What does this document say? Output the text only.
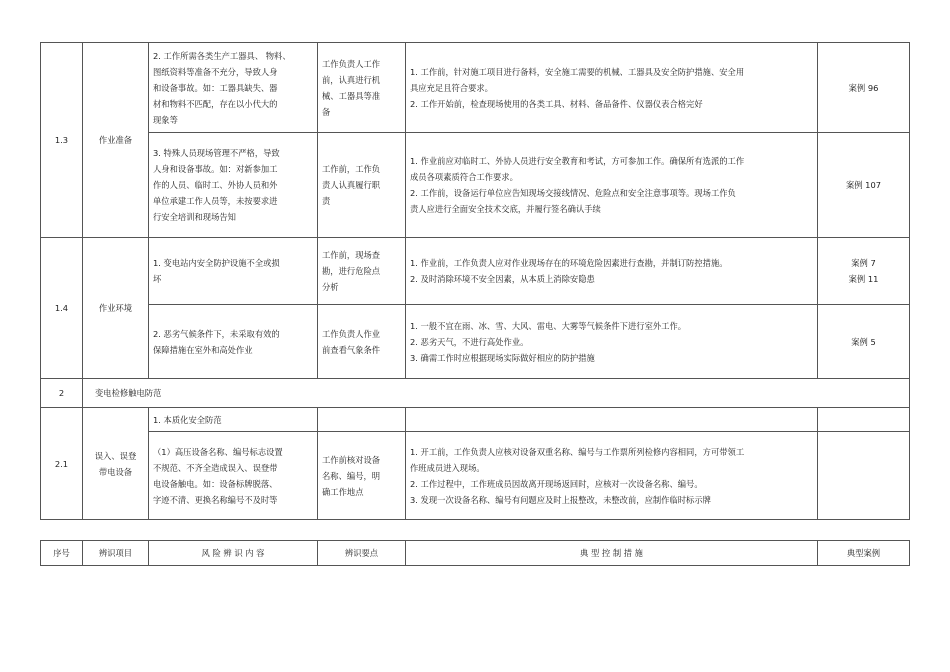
1.3	作业准备	2. 工作所需各类生产工器具、 物料、
图纸资料等准备不充分，导致人身
和设备事故。如：工器具缺失、器
材和物料不匹配，存在以小代大的
现象等	工作负责人工作
前，认真进行机
械、工器具等准
备	1. 工作前，针对施工项目进行备料，安全施工需要的机械、工器具及安全防护措施、安全用
具应充足且符合要求。
2. 工作开始前，检查现场使用的各类工具、材料、备品备件、仪器仪表合格完好	案例 96

		3. 特殊人员现场管理不严格，导致
人身和设备事故。如：对新参加工
作的人员、临时工、外协人员和外
单位承建工作人员等，未按要求进
行安全培训和现场告知	工作前，工作负
责人认真履行职
责	1. 作业前应对临时工、外协人员进行安全教育和考试，方可参加工作。确保所有选派的工作
成员各项素质符合工作要求。
2. 工作前，设备运行单位应告知现场交接线情况、危险点和安全注意事项等。现场工作负
责人应进行全面安全技术交底，并履行签名确认手续	案例 107
1.4	作业环境	1. 变电站内安全防护设施不全或损
坏	工作前，现场查
勘，进行危险点
分析	1. 作业前，工作负责人应对作业现场存在的环境危险因素进行查勘，并制订防控措施。
2. 及时消除环境不安全因素，从本质上消除安隐患	案例 7
案例 11

		2. 恶劣气候条件下，未采取有效的
保障措施在室外和高处作业	工作负责人作业
前查看气象条件	1. 一般不宜在雨、冰、雪、大风、雷电、大雾等气候条件下进行室外工作。
2. 恶劣天气，不进行高处作业。
3. 确需工作时应根据现场实际做好相应的防护措施	案例 5
2	变电检修触电防范				
2.1	误入、误登
带电设备	1. 本质化安全防范			

		（1）高压设备名称、编号标志设置
不规范、不齐全造成误入、误登带
电设备触电。如：设备标牌脱落、
字迹不清、更换名称编号不及时等	工作前核对设备
名称、编号，明
确工作地点	1. 开工前，工作负责人应核对设备双重名称、编号与工作票所列检修内容相同，方可带领工
作班成员进入现场。
2. 工作过程中，工作班成员因故离开现场返回时，应核对一次设备名称、编号。
3. 发现一次设备名称、编号有问题应及时上报整改，未整改前，应制作临时标示牌	

序号	辨识项目	风 险 辨 识 内 容	辨识要点	典 型 控 制 措 施	典型案例
